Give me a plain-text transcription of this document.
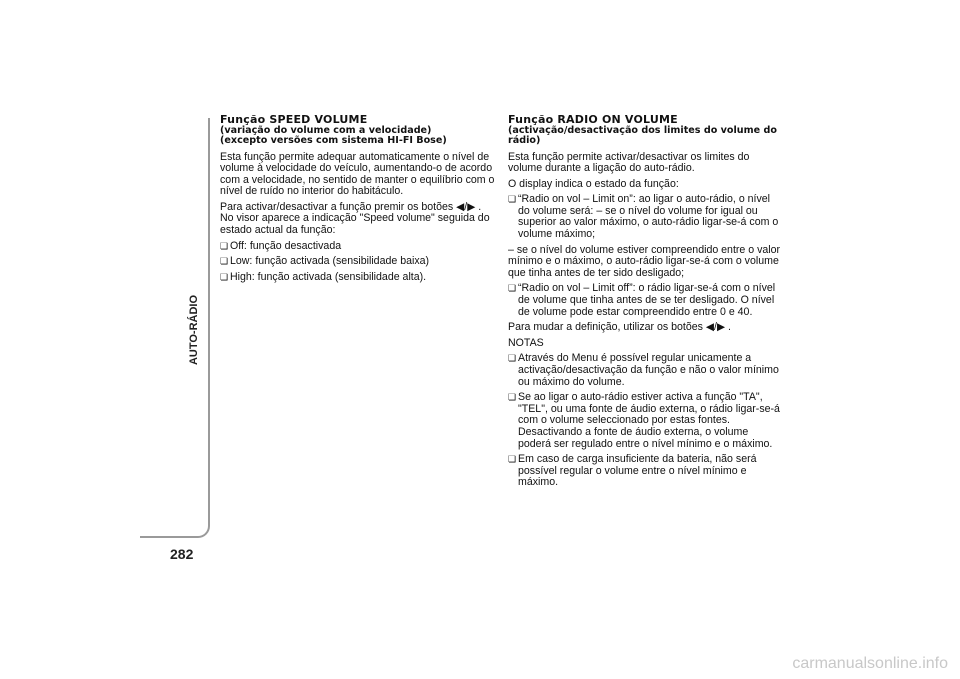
AUTO-RÁDIO
282
Função SPEED VOLUME
(variação do volume com a velocidade)
(excepto versões com sistema HI-FI Bose)

Esta função permite adequar automaticamente o nível de volume à velocidade do veículo, aumentando-o de acordo com a velocidade, no sentido de manter o equilíbrio com o nível de ruído no interior do habitáculo.

Para activar/desactivar a função premir os botões ◀/▶ . No visor aparece a indicação "Speed volume" seguida do estado actual da função:

❏ Off: função desactivada
❏ Low: função activada (sensibilidade baixa)
❏ High: função activada (sensibilidade alta).
Função RADIO ON VOLUME
(activação/desactivação dos limites do volume do rádio)

Esta função permite activar/desactivar os limites do volume durante a ligação do auto-rádio.

O display indica o estado da função:

❏ “Radio on vol – Limit on”: ao ligar o auto-rádio, o nível do volume será: – se o nível do volume for igual ou superior ao valor máximo, o auto-rádio ligar-se-á com o volume máximo;

– se o nível do volume estiver compreendido entre o valor mínimo e o máximo, o auto-rádio ligar-se-á com o volume que tinha antes de ter sido desligado;

❏ “Radio on vol – Limit off”: o rádio ligar-se-á com o nível de volume que tinha antes de se ter desligado. O nível de volume pode estar compreendido entre 0 e 40.

Para mudar a definição, utilizar os botões ◀/▶ .

NOTAS

❏ Através do Menu é possível regular unicamente a activação/desactivação da função e não o valor mínimo ou máximo do volume.
❏ Se ao ligar o auto-rádio estiver activa a função "TA", "TEL", ou uma fonte de áudio externa, o rádio ligar-se-á com o volume seleccionado por estas fontes. Desactivando a fonte de áudio externa, o volume poderá ser regulado entre o nível mínimo e o máximo.
❏ Em caso de carga insuficiente da bateria, não será possível regular o volume entre o nível mínimo e máximo.
carmanualsonline.info
